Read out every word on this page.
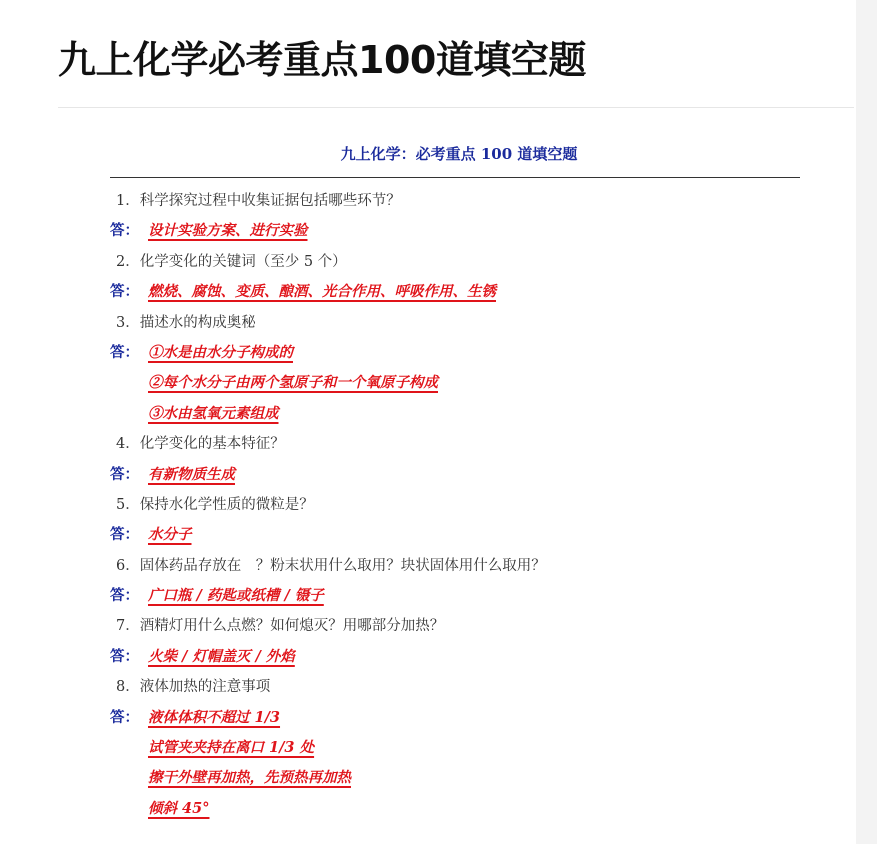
九上化学必考重点100道填空题
九上化学：必考重点 100 道填空题
1．科学探究过程中收集证据包括哪些环节？
答： 设计实验方案、进行实验
2．化学变化的关键词（至少 5 个）
答： 燃烧、腐蚀、变质、酿酒、光合作用、呼吸作用、生锈
3．描述水的构成奥秘
答： ①水是由水分子构成的
②每个水分子由两个氢原子和一个氧原子构成
③水由氢氧元素组成
4．化学变化的基本特征？
答： 有新物质生成
5．保持水化学性质的微粒是？
答： 水分子
6．固体药品存放在　？粉末状用什么取用？块状固体用什么取用？
答： 广口瓶 / 药匙或纸槽 / 镊子
7．酒精灯用什么点燃？如何熄灭？用哪部分加热？
答： 火柴 / 灯帽盖灭 / 外焰
8．液体加热的注意事项
答： 液体体积不超过 1/3
试管夹夹持在离口 1/3 处
擦干外壁再加热，先预热再加热
倾斜 45°
